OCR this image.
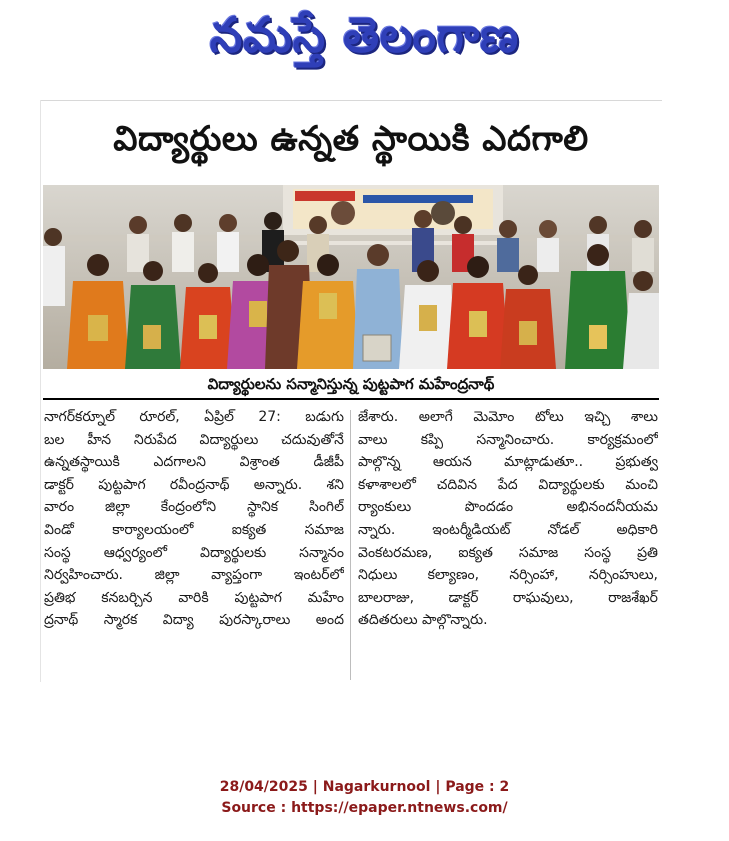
నమస్తే తెలంగాణ
విద్యార్థులు ఉన్నత స్థాయికి ఎదగాలి
విద్యార్థులను సన్మానిస్తున్న పుట్టపాగ మహేంద్రనాథ్
నాగర్‌కర్నూల్ రూరల్, ఏప్రిల్ 27: బడుగు
బల హీన నిరుపేద విద్యార్థులు చదువుతోనే
ఉన్నతస్థాయికి ఎదగాలని విశ్రాంత డీజీపీ
డాక్టర్ పుట్టపాగ రవీంద్రనాథ్ అన్నారు. శని
వారం జిల్లా కేంద్రంలోని స్థానిక సింగిల్
విండో కార్యాలయంలో ఐక్యత సమాజ
సంస్థ ఆధ్వర్యంలో విద్యార్థులకు సన్మానం
నిర్వహించారు. జిల్లా వ్యాప్తంగా ఇంటర్‌లో
ప్రతిభ కనబర్చిన వారికి పుట్టపాగ మహేం
ద్రనాథ్ స్మారక విద్యా పురస్కారాలు అంద
జేశారు. అలాగే మెమోం టోలు ఇచ్చి శాలు
వాలు కప్పి సన్మానించారు. కార్యక్రమంలో
పాల్గొన్న ఆయన మాట్లాడుతూ.. ప్రభుత్వ
కళాశాలలో చదివిన పేద విద్యార్థులకు మంచి
ర్యాంకులు పొందడం అభినందనీయమ
న్నారు. ఇంటర్మీడియట్ నోడల్ అధికారి
వెంకటరమణ, ఐక్యత సమాజ సంస్థ ప్రతి
నిధులు కల్యాణం, నర్సింహా, నర్సింహులు,
బాలరాజు, డాక్టర్ రాఘవులు, రాజశేఖర్
తదితరులు పాల్గొన్నారు.
28/04/2025 | Nagarkurnool | Page : 2
Source : https://epaper.ntnews.com/
